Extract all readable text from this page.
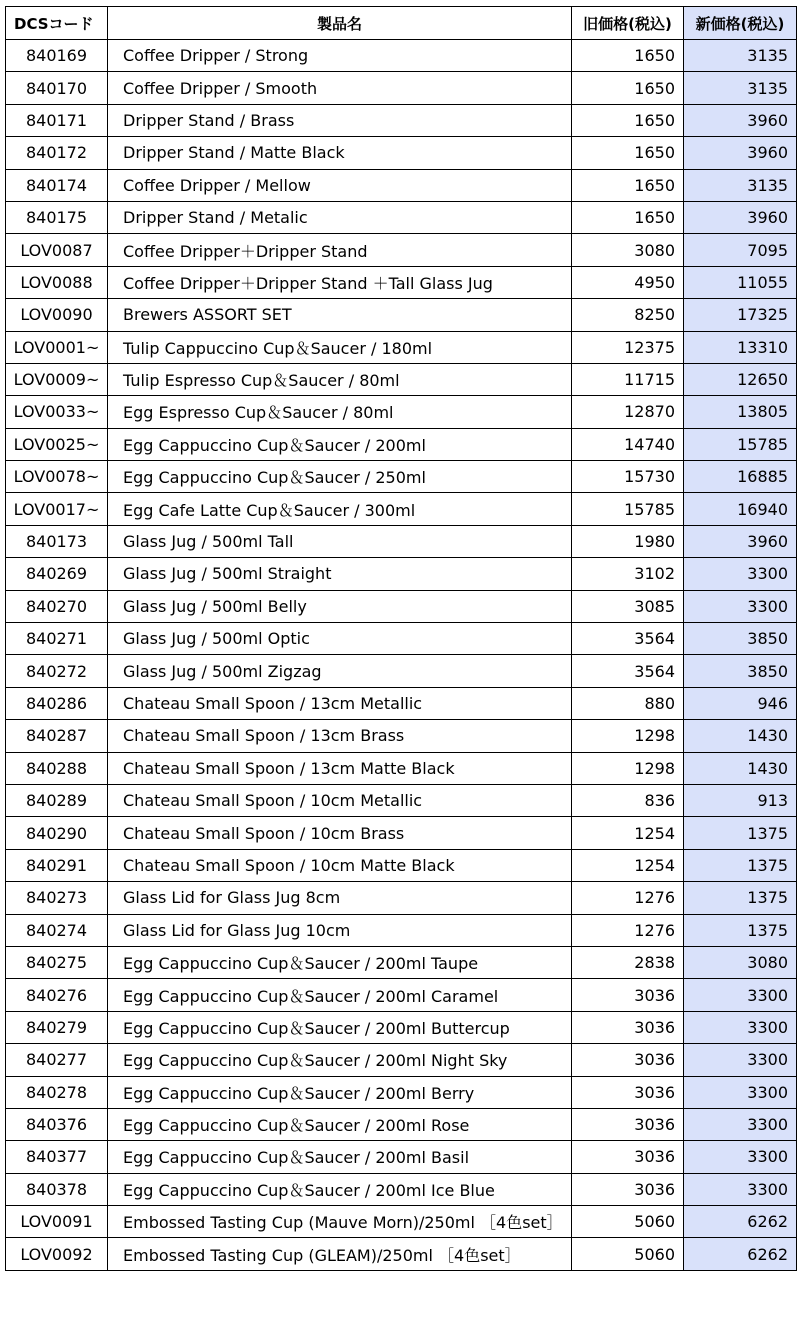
DCSコード	製品名	旧価格(税込)	新価格(税込)
840169	Coffee Dripper / Strong	1650	3135
840170	Coffee Dripper / Smooth	1650	3135
840171	Dripper Stand / Brass	1650	3960
840172	Dripper Stand / Matte Black	1650	3960
840174	Coffee Dripper / Mellow	1650	3135
840175	Dripper Stand / Metalic	1650	3960
LOV0087	Coffee Dripper＋Dripper Stand	3080	7095
LOV0088	Coffee Dripper＋Dripper Stand ＋Tall Glass Jug	4950	11055
LOV0090	Brewers ASSORT SET	8250	17325
LOV0001~	Tulip Cappuccino Cup＆Saucer / 180ml	12375	13310
LOV0009~	Tulip Espresso Cup＆Saucer / 80ml	11715	12650
LOV0033~	Egg Espresso Cup＆Saucer / 80ml	12870	13805
LOV0025~	Egg Cappuccino Cup＆Saucer / 200ml	14740	15785
LOV0078~	Egg Cappuccino Cup＆Saucer / 250ml	15730	16885
LOV0017~	Egg Cafe Latte Cup＆Saucer / 300ml	15785	16940
840173	Glass Jug / 500ml Tall	1980	3960
840269	Glass Jug / 500ml Straight	3102	3300
840270	Glass Jug / 500ml Belly	3085	3300
840271	Glass Jug / 500ml Optic	3564	3850
840272	Glass Jug / 500ml Zigzag	3564	3850
840286	Chateau Small Spoon / 13cm Metallic	880	946
840287	Chateau Small Spoon / 13cm Brass	1298	1430
840288	Chateau Small Spoon / 13cm Matte Black	1298	1430
840289	Chateau Small Spoon / 10cm Metallic	836	913
840290	Chateau Small Spoon / 10cm Brass	1254	1375
840291	Chateau Small Spoon / 10cm Matte Black	1254	1375
840273	Glass Lid for Glass Jug 8cm	1276	1375
840274	Glass Lid for Glass Jug 10cm	1276	1375
840275	Egg Cappuccino Cup＆Saucer / 200ml Taupe	2838	3080
840276	Egg Cappuccino Cup＆Saucer / 200ml Caramel	3036	3300
840279	Egg Cappuccino Cup＆Saucer / 200ml Buttercup	3036	3300
840277	Egg Cappuccino Cup＆Saucer / 200ml Night Sky	3036	3300
840278	Egg Cappuccino Cup＆Saucer / 200ml Berry	3036	3300
840376	Egg Cappuccino Cup＆Saucer / 200ml Rose	3036	3300
840377	Egg Cappuccino Cup＆Saucer / 200ml Basil	3036	3300
840378	Egg Cappuccino Cup＆Saucer / 200ml Ice Blue	3036	3300
LOV0091	Embossed Tasting Cup (Mauve Morn)/250ml ［4色set］	5060	6262
LOV0092	Embossed Tasting Cup (GLEAM)/250ml ［4色set］	5060	6262
